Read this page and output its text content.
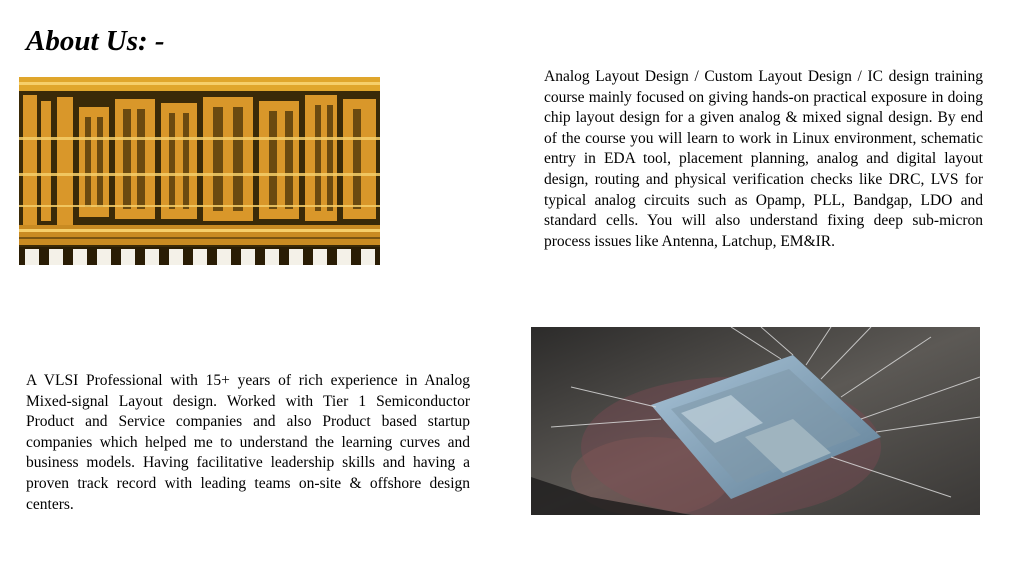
About Us: -

Analog Layout Design / Custom Layout Design / IC design training course mainly focused on giving hands-on practical exposure in doing chip layout design for a given analog & mixed signal design. By end of the course you will learn to work in Linux environment, schematic entry in EDA tool, placement planning, analog and digital layout design, routing and physical verification checks like DRC, LVS for typical analog circuits such as Opamp, PLL, Bandgap, LDO and standard cells. You will also understand fixing deep sub-micron process issues like Antenna, Latchup, EM&IR.

A VLSI Professional with 15+ years of rich experience in Analog Mixed-signal Layout design. Worked with Tier 1 Semiconductor Product and Service companies and also Product based startup companies which helped me to understand the learning curves and business models. Having facilitative leadership skills and having a proven track record with leading teams on-site & offshore design centers.
